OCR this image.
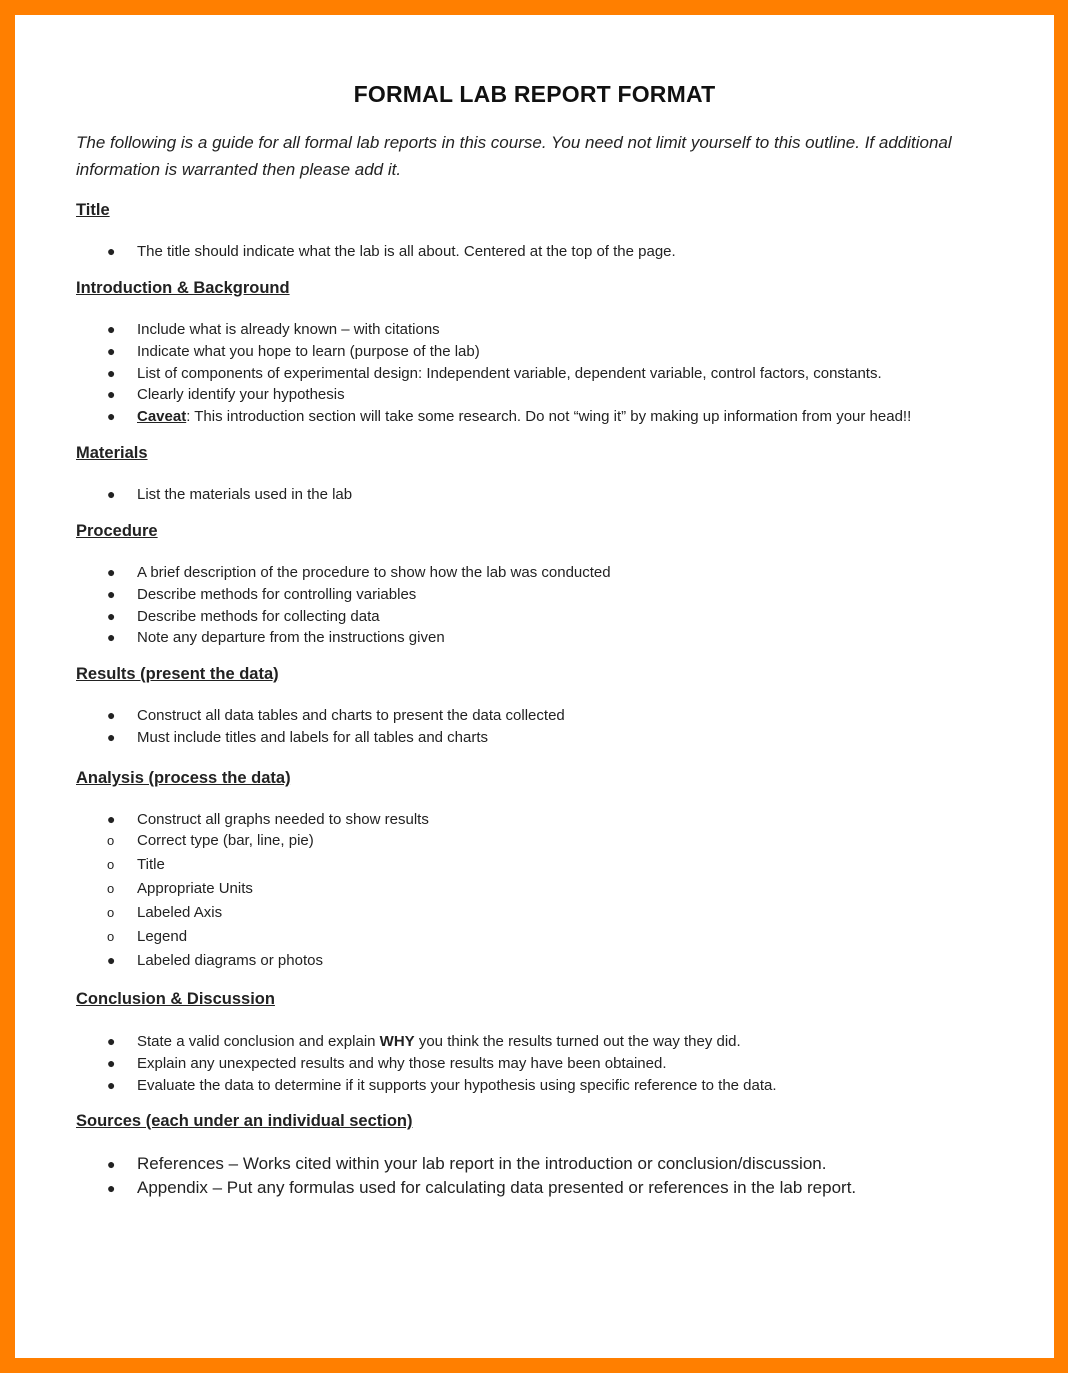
FORMAL LAB REPORT FORMAT
The following is a guide for all formal lab reports in this course. You need not limit yourself to this outline. If additional information is warranted then please add it.
Title
● The title should indicate what the lab is all about. Centered at the top of the page.
Introduction & Background
● Include what is already known – with citations
● Indicate what you hope to learn (purpose of the lab)
● List of components of experimental design: Independent variable, dependent variable, control factors, constants.
● Clearly identify your hypothesis
● Caveat: This introduction section will take some research. Do not “wing it” by making up information from your head!!
Materials
● List the materials used in the lab
Procedure
● A brief description of the procedure to show how the lab was conducted
● Describe methods for controlling variables
● Describe methods for collecting data
● Note any departure from the instructions given
Results (present the data)
● Construct all data tables and charts to present the data collected
● Must include titles and labels for all tables and charts
Analysis (process the data)
● Construct all graphs needed to show results
o Correct type (bar, line, pie)
o Title
o Appropriate Units
o Labeled Axis
o Legend
● Labeled diagrams or photos
Conclusion & Discussion
● State a valid conclusion and explain WHY you think the results turned out the way they did.
● Explain any unexpected results and why those results may have been obtained.
● Evaluate the data to determine if it supports your hypothesis using specific reference to the data.
Sources (each under an individual section)
● References – Works cited within your lab report in the introduction or conclusion/discussion.
● Appendix – Put any formulas used for calculating data presented or references in the lab report.
